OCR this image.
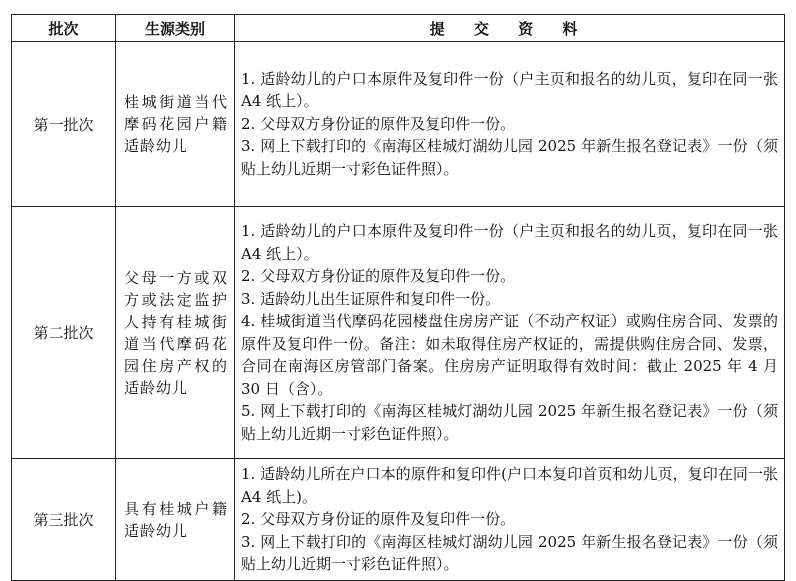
批次	生源类别	提 交 资 料
第一批次	桂城街道当代摩码花园户籍适龄幼儿	1. 适龄幼儿的户口本原件及复印件一份（户主页和报名的幼儿页，复印在同一张 A4 纸上）。

2. 父母双方身份证的原件及复印件一份。

3. 网上下载打印的《南海区桂城灯湖幼儿园 2025 年新生报名登记表》一份（须贴上幼儿近期一寸彩色证件照）。

第二批次	父母一方或双方或法定监护人持有桂城街道当代摩码花园住房产权的适龄幼儿	1. 适龄幼儿的户口本原件及复印件一份（户主页和报名的幼儿页，复印在同一张 A4 纸上）。

2. 父母双方身份证的原件及复印件一份。

3. 适龄幼儿出生证原件和复印件一份。

4. 桂城街道当代摩码花园楼盘住房房产证（不动产权证）或购住房合同、发票的原件及复印件一份。备注：如未取得住房产权证的，需提供购住房合同、发票，合同在南海区房管部门备案。住房房产证明取得有效时间：截止 2025 年 4 月 30 日（含）。

5. 网上下载打印的《南海区桂城灯湖幼儿园 2025 年新生报名登记表》一份（须贴上幼儿近期一寸彩色证件照）。

第三批次	具有桂城户籍适龄幼儿	1. 适龄幼儿所在户口本的原件和复印件(户口本复印首页和幼儿页，复印在同一张 A4 纸上)。

2. 父母双方身份证的原件及复印件一份。

3. 网上下载打印的《南海区桂城灯湖幼儿园 2025 年新生报名登记表》一份（须贴上幼儿近期一寸彩色证件照）。
